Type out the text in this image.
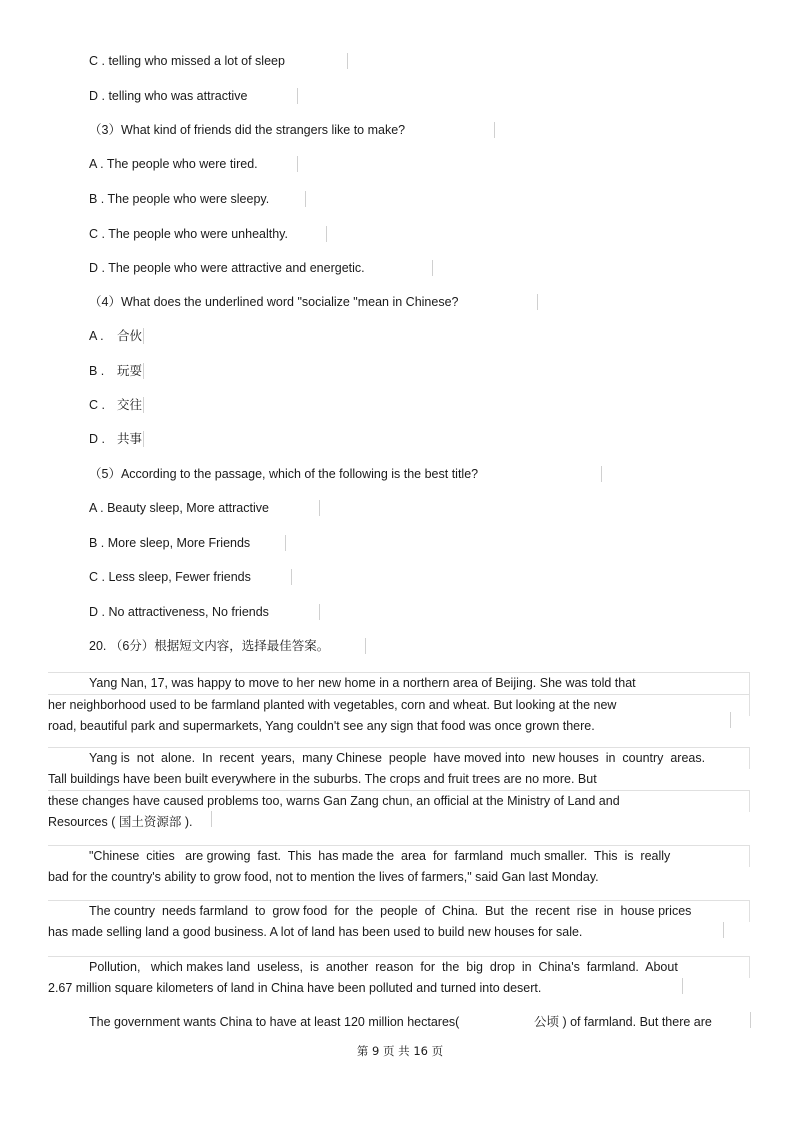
C . telling who missed a lot of sleep
D . telling who was attractive
（3）What kind of friends did the strangers like to make?
A . The people who were tired.
B . The people who were sleepy.
C . The people who were unhealthy.
D . The people who were attractive and energetic.
（4）What does the underlined word "socialize "mean in Chinese?
A . 合伙
B . 玩耍
C . 交往
D . 共事
（5）According to the passage, which of the following is the best title?
A . Beauty sleep, More attractive
B . More sleep, More Friends
C . Less sleep, Fewer friends
D . No attractiveness, No friends
20. （6分）根据短文内容，选择最佳答案。
Yang Nan, 17, was happy to move to her new home in a northern area of Beijing. She was told that
her neighborhood used to be farmland planted with vegetables, corn and wheat. But looking at the new
road, beautiful park and supermarkets, Yang couldn't see any sign that food was once grown there.
Yang is  not  alone.  In  recent  years,  many Chinese  people  have moved into  new houses  in  country  areas.
Tall buildings have been built everywhere in the suburbs. The crops and fruit trees are no more. But
these changes have caused problems too, warns Gan Zang chun, an official at the Ministry of Land and
Resources ( 国土资源部 ).
"Chinese  cities   are growing  fast.  This  has made the  area  for  farmland  much smaller.  This  is  really
bad for the country's ability to grow food, not to mention the lives of farmers," said Gan last Monday.
The country  needs farmland  to  grow food  for  the  people  of  China.  But  the  recent  rise  in  house prices
has made selling land a good business. A lot of land has been used to build new houses for sale.
Pollution,   which makes land  useless,  is  another  reason  for  the  big  drop  in  China's  farmland.  About
2.67 million square kilometers of land in China have been polluted and turned into desert.
The government wants China to have at least 120 million hectares(	公顷 ) of farmland. But there are
第 9 页 共 16 页
